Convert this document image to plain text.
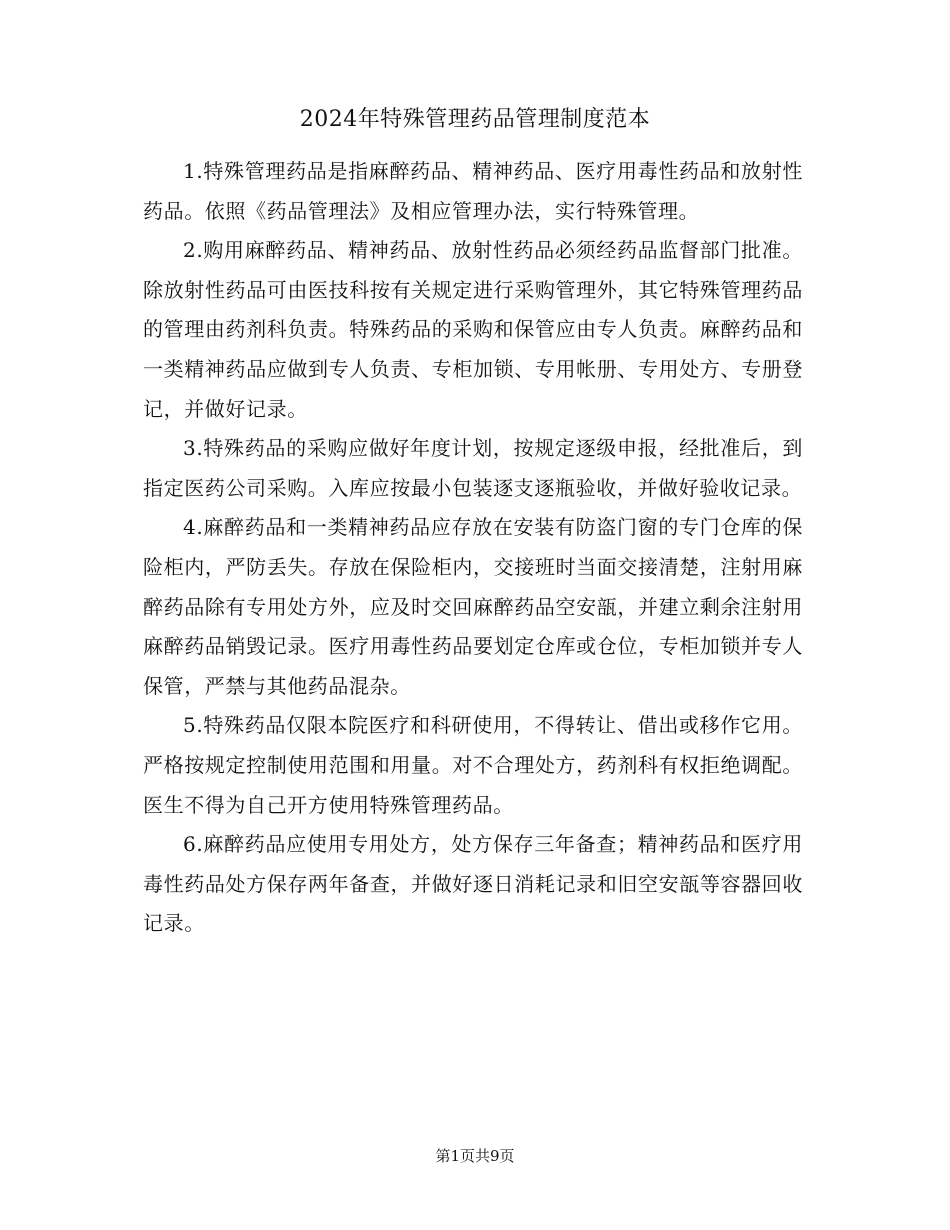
2024年特殊管理药品管理制度范本

1.特殊管理药品是指麻醉药品、精神药品、医疗用毒性药品和放射性药品。依照《药品管理法》及相应管理办法，实行特殊管理。

2.购用麻醉药品、精神药品、放射性药品必须经药品监督部门批准。除放射性药品可由医技科按有关规定进行采购管理外，其它特殊管理药品的管理由药剂科负责。特殊药品的采购和保管应由专人负责。麻醉药品和一类精神药品应做到专人负责、专柜加锁、专用帐册、专用处方、专册登记，并做好记录。

3.特殊药品的采购应做好年度计划，按规定逐级申报，经批准后，到指定医药公司采购。入库应按最小包装逐支逐瓶验收，并做好验收记录。

4.麻醉药品和一类精神药品应存放在安装有防盗门窗的专门仓库的保险柜内，严防丢失。存放在保险柜内，交接班时当面交接清楚，注射用麻醉药品除有专用处方外，应及时交回麻醉药品空安瓿，并建立剩余注射用麻醉药品销毁记录。医疗用毒性药品要划定仓库或仓位，专柜加锁并专人保管，严禁与其他药品混杂。

5.特殊药品仅限本院医疗和科研使用，不得转让、借出或移作它用。严格按规定控制使用范围和用量。对不合理处方，药剂科有权拒绝调配。医生不得为自己开方使用特殊管理药品。

6.麻醉药品应使用专用处方，处方保存三年备查；精神药品和医疗用毒性药品处方保存两年备查，并做好逐日消耗记录和旧空安瓿等容器回收记录。

第1页共9页
